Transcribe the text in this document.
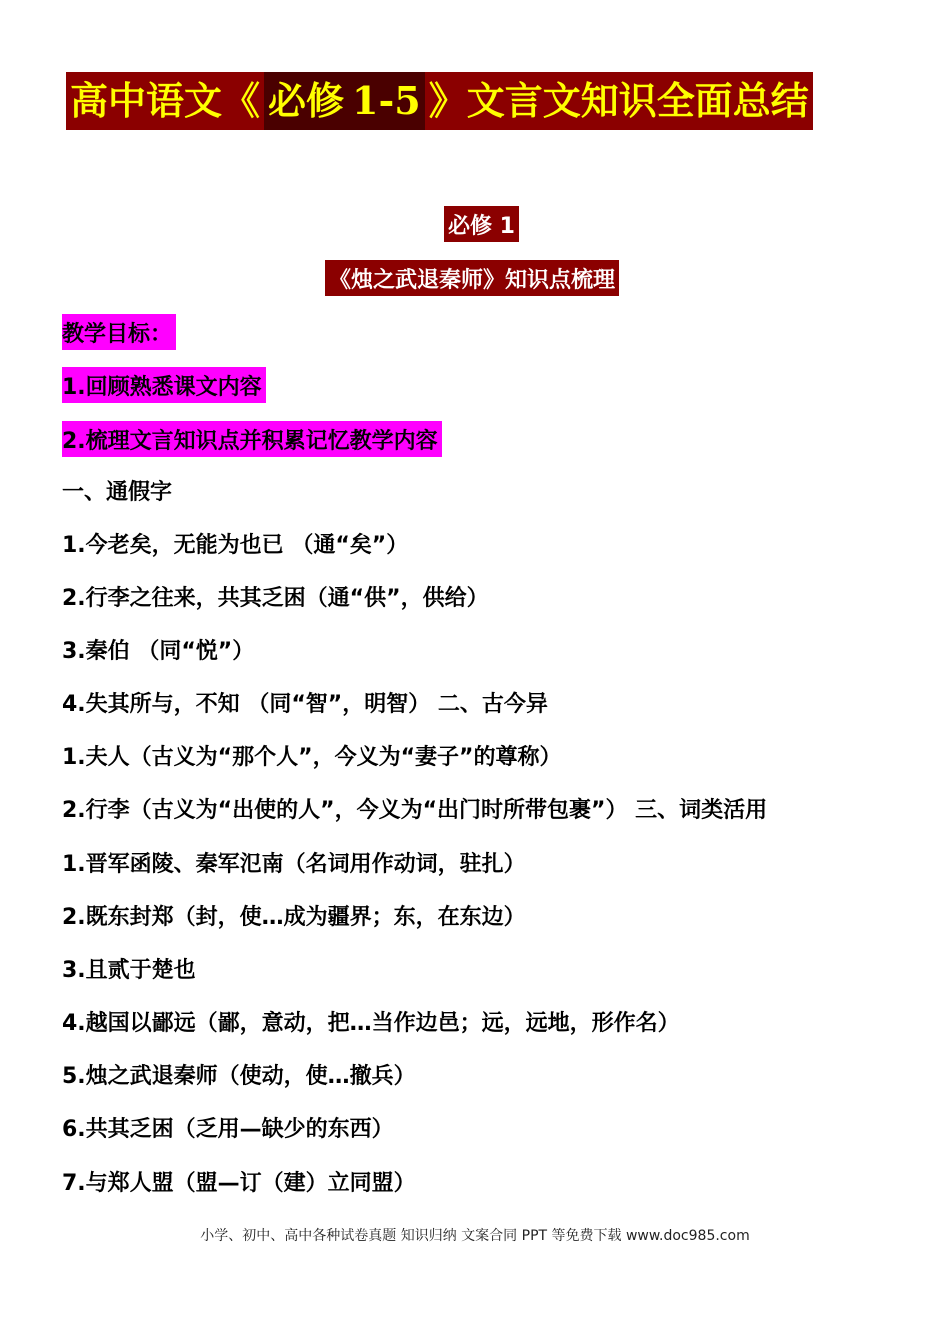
高中语文《 必修 1-5 》文言文知识全面总结
必修 1
《烛之武退秦师》知识点梳理
教学目标：
1.回顾熟悉课文内容
2.梳理文言知识点并积累记忆教学内容
一、通假字
1.今老矣，无能为也已 （通“矣”）
2.行李之往来，共其乏困（通“供”，供给）
3.秦伯 （同“悦”）
4.失其所与，不知 （同“智”，明智） 二、古今异
1.夫人（古义为“那个人”，今义为“妻子”的尊称）
2.行李（古义为“出使的人”，今义为“出门时所带包裹”） 三、词类活用
1.晋军函陵、秦军氾南（名词用作动词，驻扎）
2.既东封郑（封，使…成为疆界；东，在东边）
3.且贰于楚也
4.越国以鄙远（鄙，意动，把…当作边邑；远，远地，形作名）
5.烛之武退秦师（使动，使…撤兵）
6.共其乏困（乏用—缺少的东西）
7.与郑人盟（盟—订（建）立同盟）
小学、初中、高中各种试卷真题 知识归纳 文案合同 PPT 等免费下载 www.doc985.com
